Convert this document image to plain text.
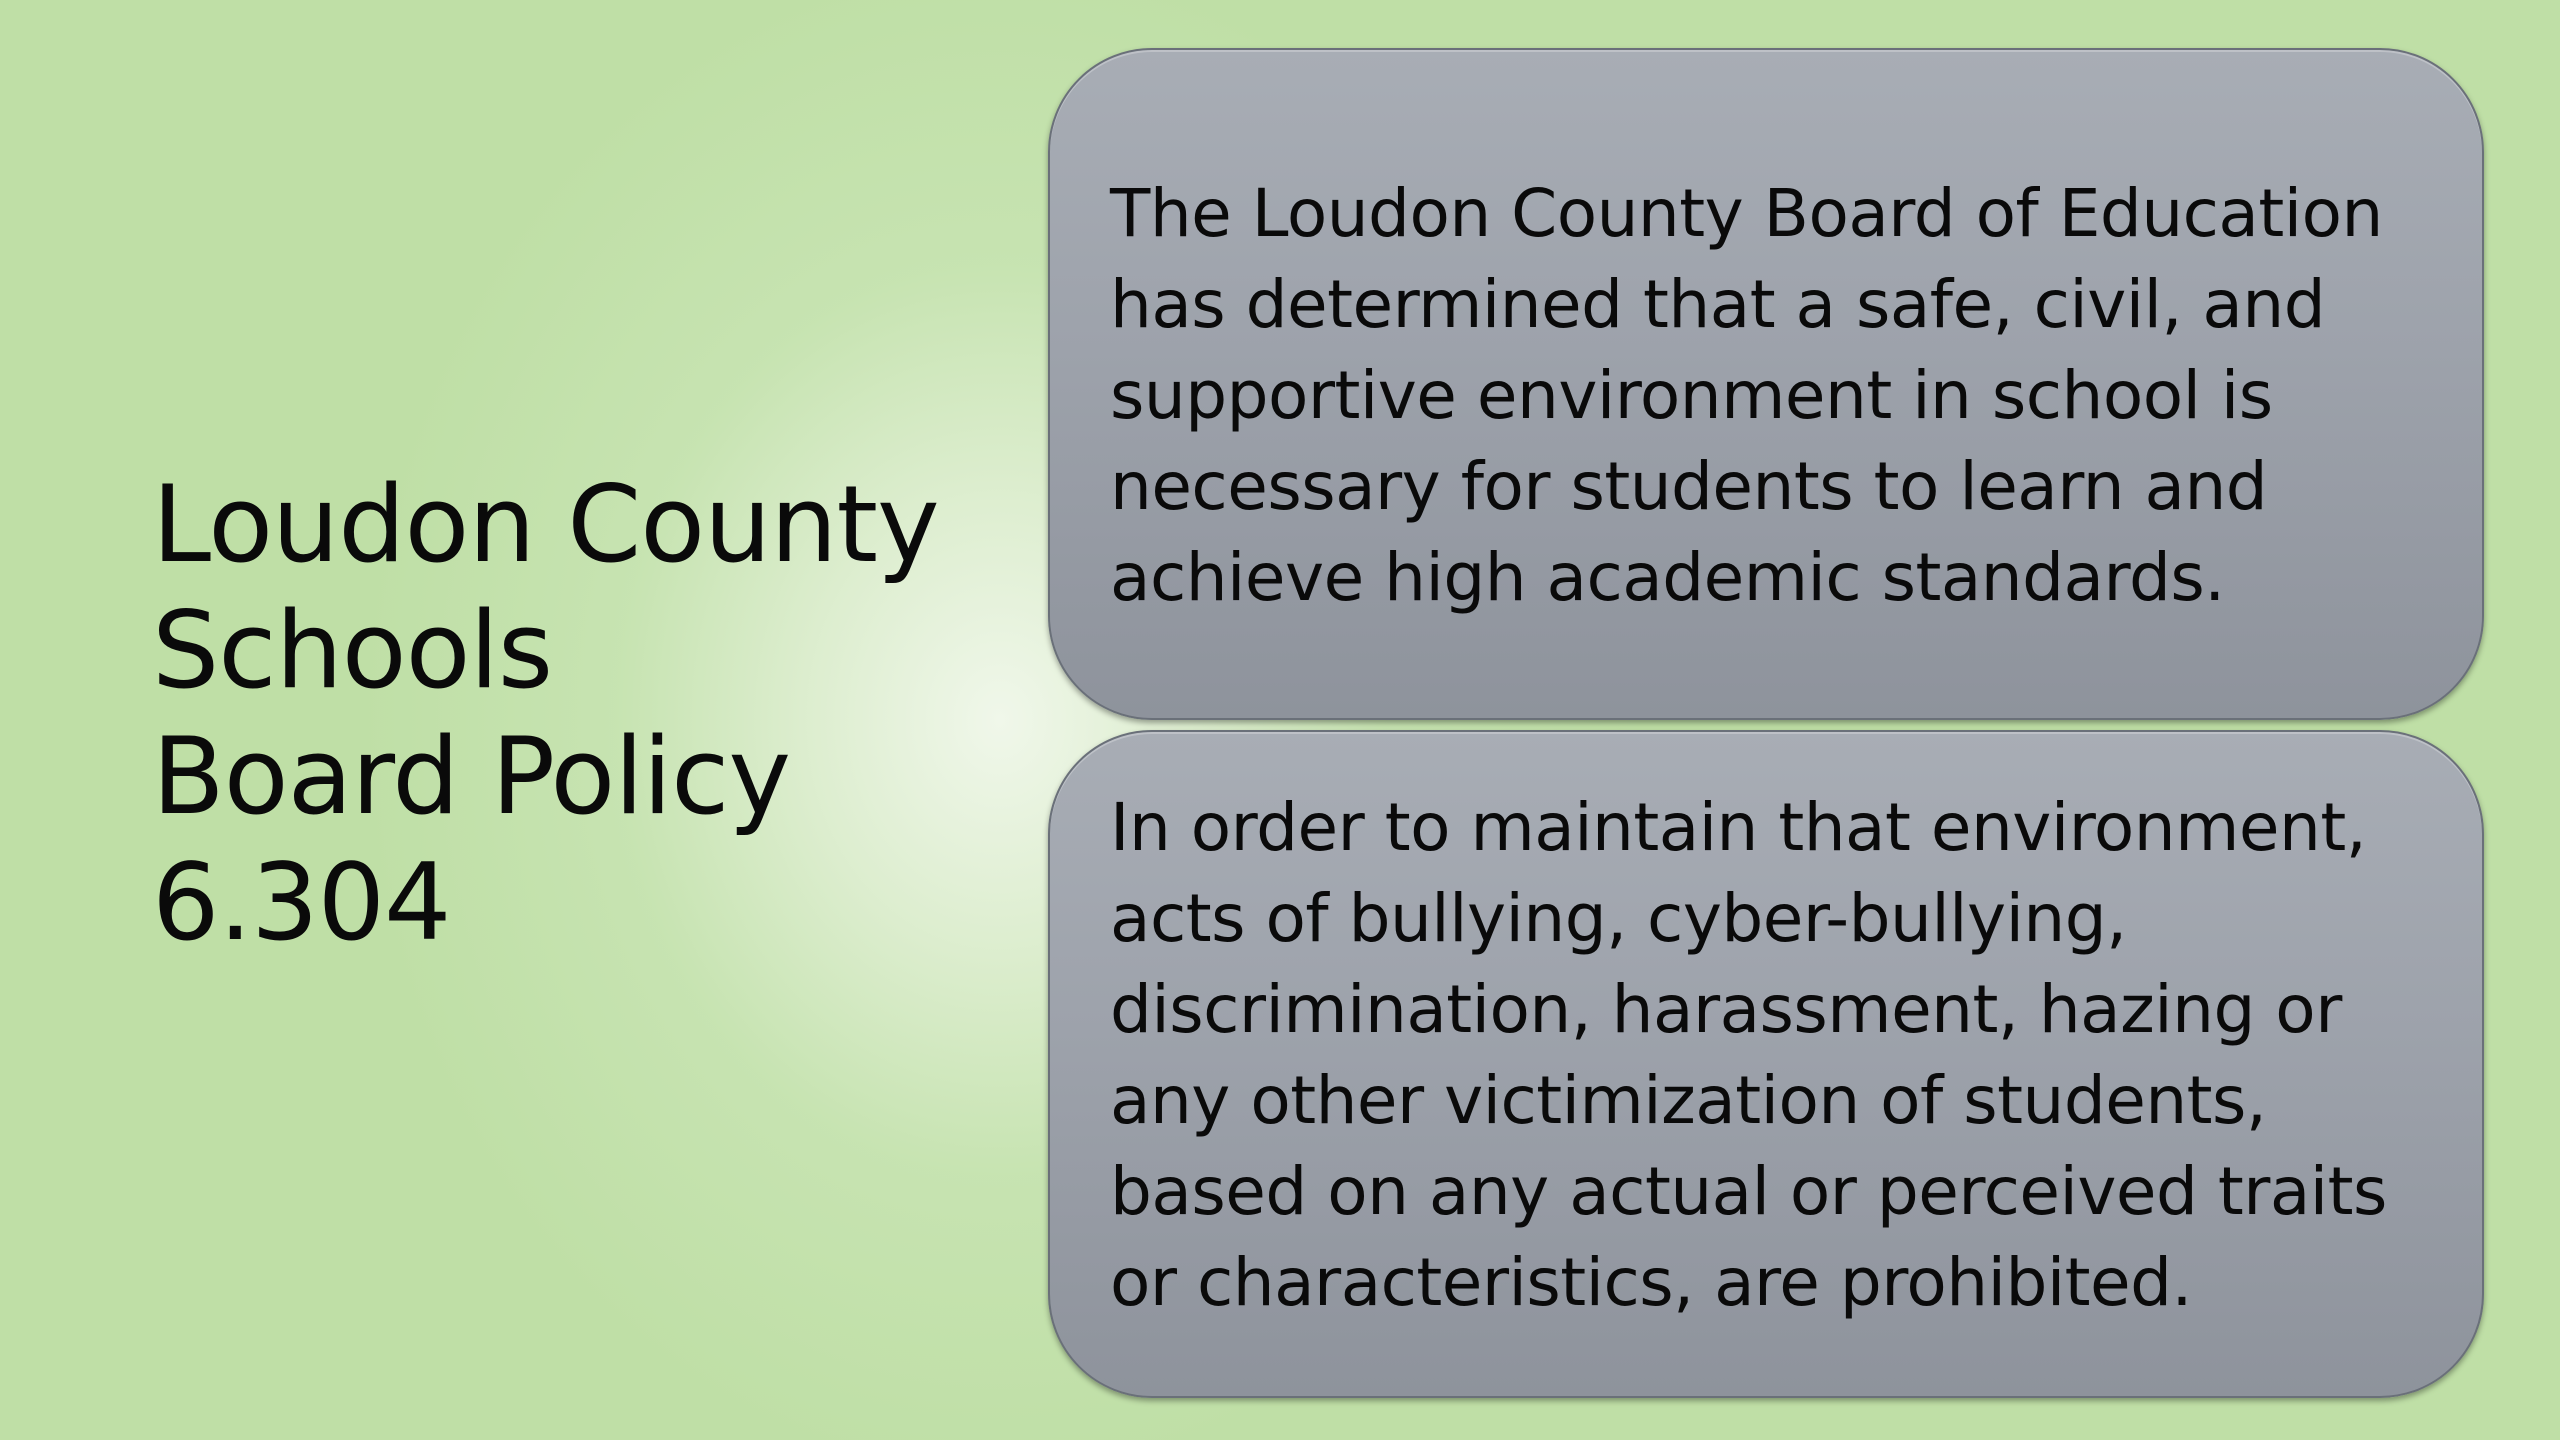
Loudon County
Schools
Board Policy
6.304

The Loudon County Board of Education
has determined that a safe, civil, and
supportive environment in school is
necessary for students to learn and
achieve high academic standards.

In order to maintain that environment,
acts of bullying, cyber-bullying,
discrimination, harassment, hazing or
any other victimization of students,
based on any actual or perceived traits
or characteristics, are prohibited.
